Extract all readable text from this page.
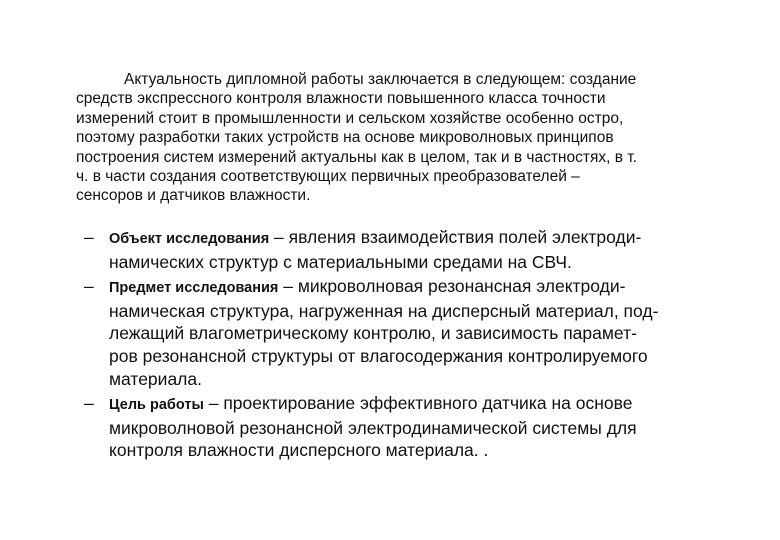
Актуальность дипломной работы заключается в следующем: создание
средств экспрессного контроля влажности повышенного класса точности
измерений стоит в промышленности и сельском хозяйстве особенно остро,
поэтому разработки таких устройств на основе микроволновых принципов
построения систем измерений актуальны как в целом, так и в частностях, в т.
ч. в части создания соответствующих первичных преобразователей –
сенсоров и датчиков влажности.
– Объект исследования – явления взаимодействия полей электроди-
намических структур с материальными средами на СВЧ.
– Предмет исследования – микроволновая резонансная электроди-
намическая структура, нагруженная на дисперсный материал, под-
лежащий влагометрическому контролю, и зависимость парамет-
ров резонансной структуры от влагосодержания контролируемого
материала.
– Цель работы – проектирование эффективного датчика на основе
микроволновой резонансной электродинамической системы для
контроля влажности дисперсного материала. .
